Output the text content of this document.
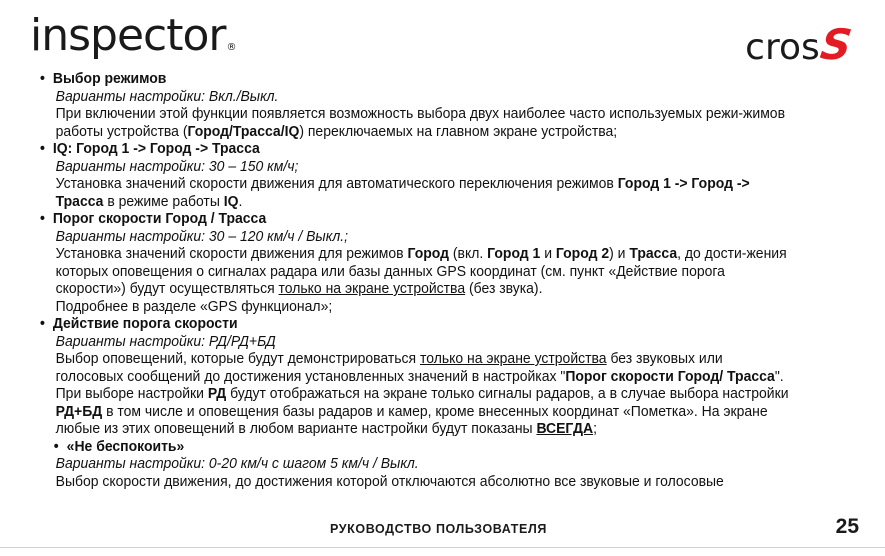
inspector®	cros
S

• Выбор режимов

Варианты настройки: Вкл./Выкл.

При включении этой функции появляется возможность выбора двух наиболее часто используемых режи-жимов работы устройства (Город/Трасса/IQ) переключаемых на главном экране устройства;

• IQ: Город 1 -> Город -> Трасса

Варианты настройки: 30 – 150 км/ч;

Установка значений скорости движения для автоматического переключения режимов Город 1 -> Город -> Трасса в режиме работы IQ.

• Порог скорости Город / Трасса

Варианты настройки: 30 – 120 км/ч / Выкл.;

Установка значений скорости движения для режимов Город (вкл. Город 1 и Город 2) и Трасса, до дости-жения которых оповещения о сигналах радара или базы данных GPS координат (см. пункт «Действие порога скорости») будут осуществляться только на экране устройства (без звука).

Подробнее в разделе «GPS функционал»;

• Действие порога скорости

Варианты настройки: РД/РД+БД

Выбор оповещений, которые будут демонстрироваться только на экране устройства без звуковых или голосовых сообщений до достижения установленных значений в настройках "Порог скорости Город/ Трасса". При выборе настройки РД будут отображаться на экране только сигналы радаров, а в случае выбора настройки РД+БД в том числе и оповещения базы радаров и камер, кроме внесенных координат «Пометка». На экране любые из этих оповещений в любом варианте настройки будут показаны ВСЕГДА;

• «Не беспокоить»

Варианты настройки: 0-20 км/ч с шагом 5 км/ч / Выкл.

Выбор скорости движения, до достижения которой отключаются абсолютно все звуковые и голосовые

РУКОВОДСТВО ПОЛЬЗОВАТЕЛЯ	25
